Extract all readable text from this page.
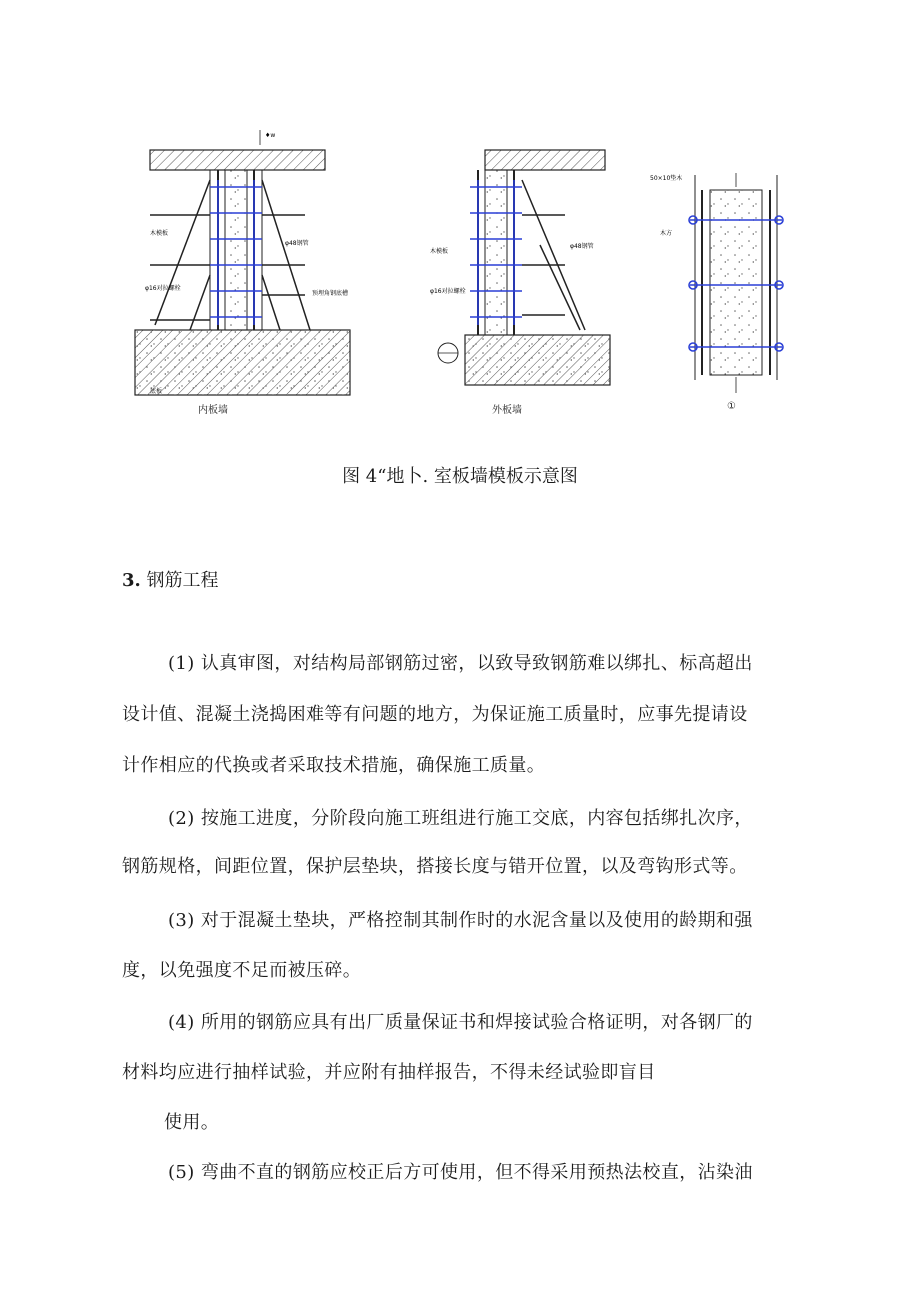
♦w
木模板
φ16对拉螺栓
φ48钢管
预埋角钢底槽
底板
木模板
φ16对拉螺栓
φ48钢管
50×10垫木
木方
内板墙	外板墙	①
图 4“地卜. 室板墙模板示意图
3. 钢筋工程
(1) 认真审图，对结构局部钢筋过密，以致导致钢筋难以绑扎、标高超出
设计值、混凝土浇捣困难等有问题的地方，为保证施工质量时，应事先提请设
计作相应的代换或者采取技术措施，确保施工质量。
(2) 按施工进度，分阶段向施工班组进行施工交底，内容包括绑扎次序，
钢筋规格，间距位置，保护层垫块，搭接长度与错开位置，以及弯钩形式等。
(3) 对于混凝土垫块，严格控制其制作时的水泥含量以及使用的龄期和强
度，以免强度不足而被压碎。
(4) 所用的钢筋应具有出厂质量保证书和焊接试验合格证明，对各钢厂的
材料均应进行抽样试验，并应附有抽样报告，不得未经试验即盲目
使用。
(5) 弯曲不直的钢筋应校正后方可使用，但不得采用预热法校直，沾染油
